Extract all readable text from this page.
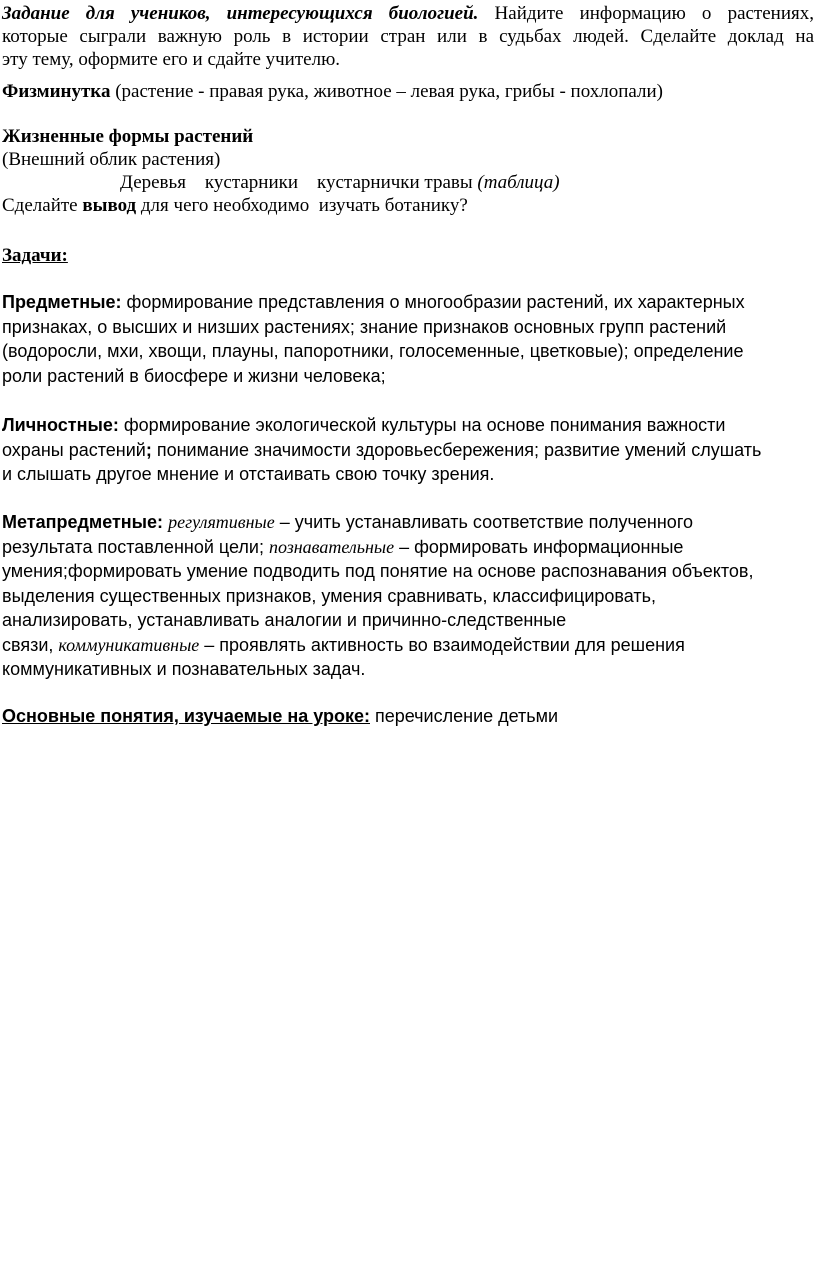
Задание для учеников, интересующихся биологией. Найдите информацию о растениях,
которые сыграли важную роль в истории стран или в судьбах людей. Сделайте доклад на
эту тему, оформите его и сдайте учителю.
Физминутка (растение - правая рука, животное – левая рука, грибы - похлопали)
Жизненные формы растений
(Внешний облик растения)
Деревья    кустарники    кустарнички травы (таблица)
Сделайте вывод для чего необходимо  изучать ботанику?
Задачи:
Предметные: формирование представления о многообразии растений, их характерных
признаках, о высших и низших растениях; знание признаков основных групп растений
(водоросли, мхи, хвощи, плауны, папоротники, голосеменные, цветковые); определение
роли растений в биосфере и жизни человека;
Личностные: формирование экологической культуры на основе понимания важности
охраны растений; понимание значимости здоровьесбережения; развитие умений слушать
и слышать другое мнение и отстаивать свою точку зрения.
Метапредметные: регулятивные – учить устанавливать соответствие полученного
результата поставленной цели; познавательные – формировать информационные
умения;формировать умение подводить под понятие на основе распознавания объектов,
выделения существенных признаков, умения сравнивать, классифицировать,
анализировать, устанавливать аналогии и причинно-следственные
связи, коммуникативные – проявлять активность во взаимодействии для решения
коммуникативных и познавательных задач.
Основные понятия, изучаемые на уроке: перечисление детьми
